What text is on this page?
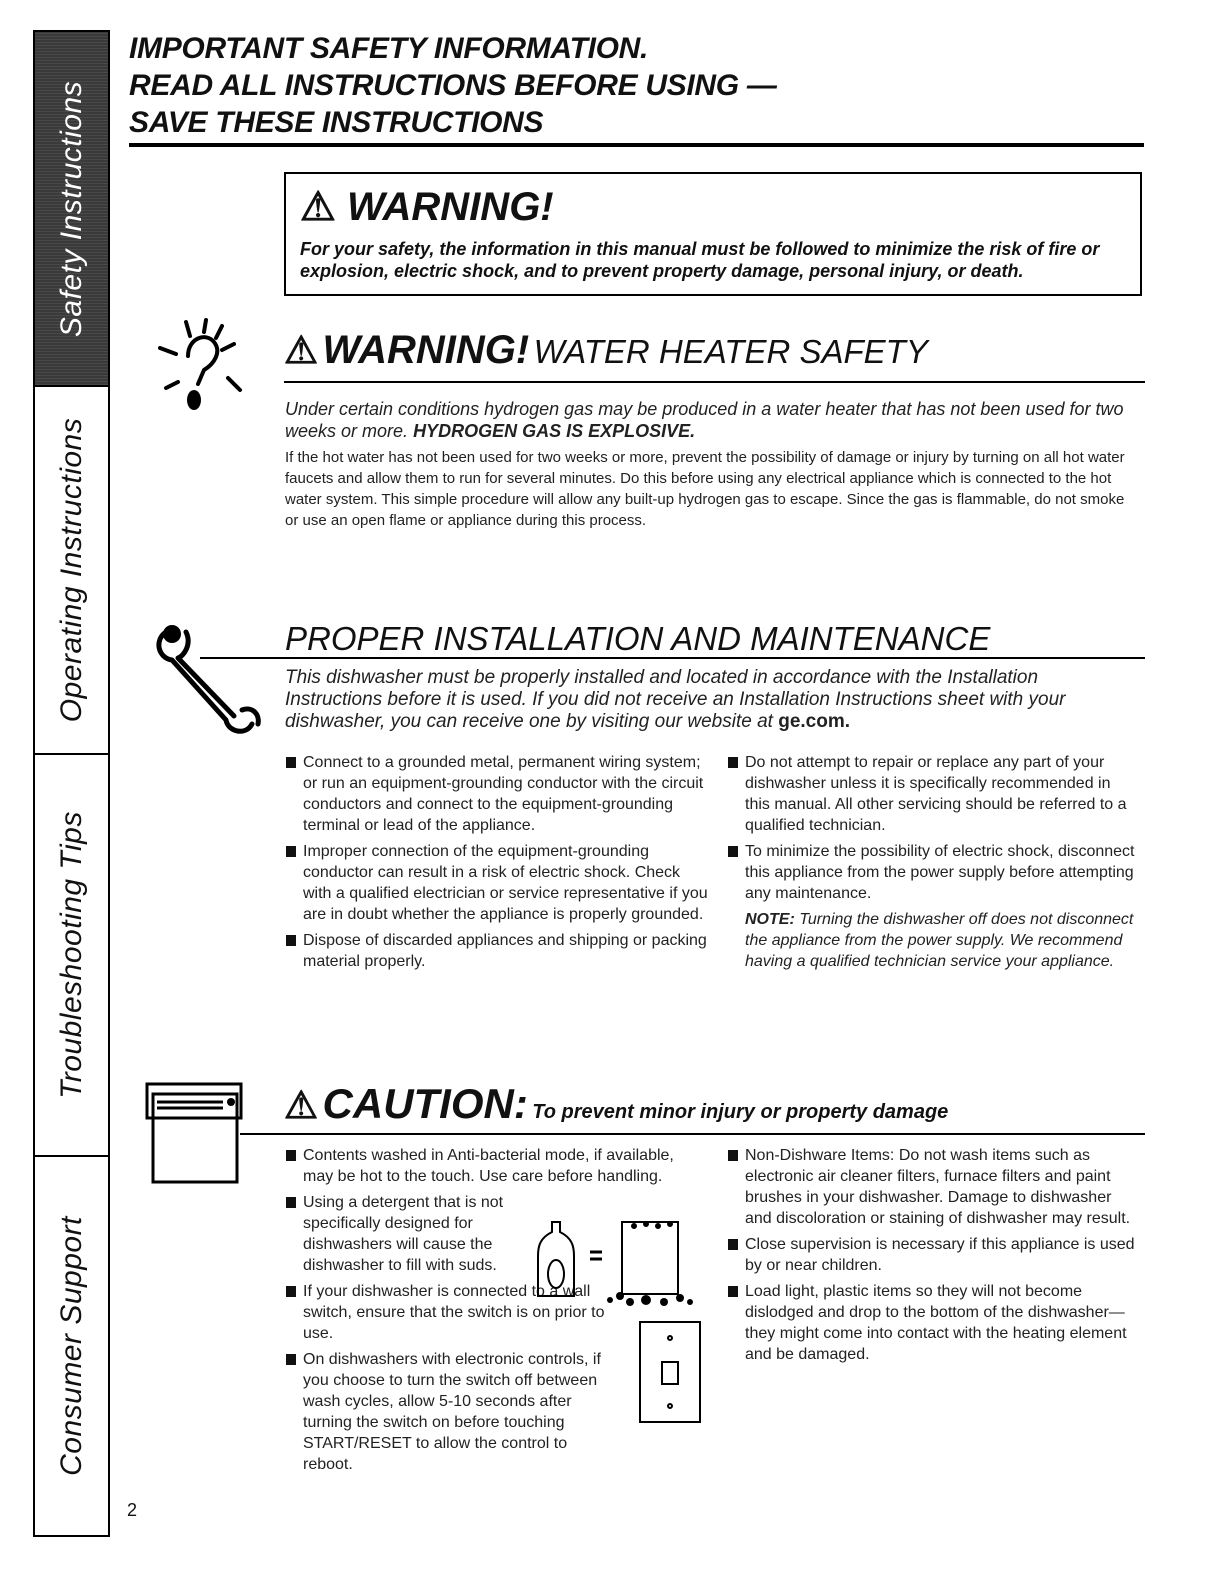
Safety Instructions
Operating Instructions
Troubleshooting Tips
Consumer Support
IMPORTANT SAFETY INFORMATION.
READ ALL INSTRUCTIONS BEFORE USING —
SAVE THESE INSTRUCTIONS
⚠ WARNING!
For your safety, the information in this manual must be followed to minimize the risk of fire or explosion, electric shock, and to prevent property damage, personal injury, or death.
⚠ WARNING! WATER HEATER SAFETY
Under certain conditions hydrogen gas may be produced in a water heater that has not been used for two weeks or more. HYDROGEN GAS IS EXPLOSIVE.
If the hot water has not been used for two weeks or more, prevent the possibility of damage or injury by turning on all hot water faucets and allow them to run for several minutes. Do this before using any electrical appliance which is connected to the hot water system. This simple procedure will allow any built-up hydrogen gas to escape. Since the gas is flammable, do not smoke or use an open flame or appliance during this process.
PROPER INSTALLATION AND MAINTENANCE
This dishwasher must be properly installed and located in accordance with the Installation Instructions before it is used. If you did not receive an Installation Instructions sheet with your dishwasher, you can receive one by visiting our website at ge.com.
Connect to a grounded metal, permanent wiring system; or run an equipment-grounding conductor with the circuit conductors and connect to the equipment-grounding terminal or lead of the appliance.
Improper connection of the equipment-grounding conductor can result in a risk of electric shock. Check with a qualified electrician or service representative if you are in doubt whether the appliance is properly grounded.
Dispose of discarded appliances and shipping or packing material properly.
Do not attempt to repair or replace any part of your dishwasher unless it is specifically recommended in this manual. All other servicing should be referred to a qualified technician.
To minimize the possibility of electric shock, disconnect this appliance from the power supply before attempting any maintenance.
NOTE: Turning the dishwasher off does not disconnect the appliance from the power supply. We recommend having a qualified technician service your appliance.
⚠ CAUTION: To prevent minor injury or property damage
Contents washed in Anti-bacterial mode, if available, may be hot to the touch. Use care before handling.
Using a detergent that is not specifically designed for dishwashers will cause the dishwasher to fill with suds.
If your dishwasher is connected to a wall switch, ensure that the switch is on prior to use.
On dishwashers with electronic controls, if you choose to turn the switch off between wash cycles, allow 5-10 seconds after turning the switch on before touching START/RESET to allow the control to reboot.
Non-Dishware Items: Do not wash items such as electronic air cleaner filters, furnace filters and paint brushes in your dishwasher. Damage to dishwasher and discoloration or staining of dishwasher may result.
Close supervision is necessary if this appliance is used by or near children.
Load light, plastic items so they will not become dislodged and drop to the bottom of the dishwasher—they might come into contact with the heating element and be damaged.
2
